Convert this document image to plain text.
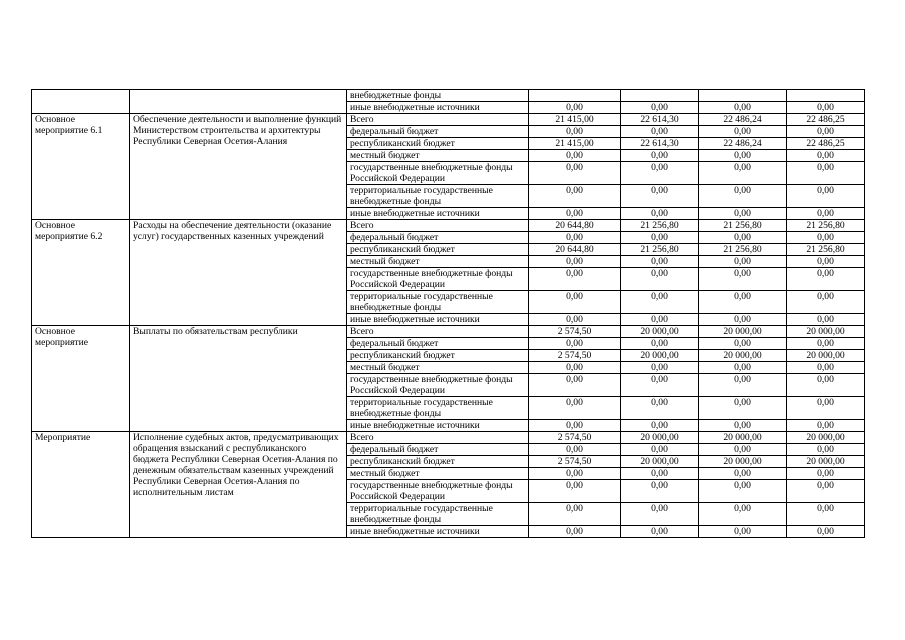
		внебюджетные фонды				
		иные внебюджетные источники	0,00	0,00	0,00	0,00
Основное мероприятие 6.1	Обеспечение деятельности и выполнение функций Министерством строительства и архитектуры Республики Северная Осетия-Алания	Всего	21 415,00	22 614,30	22 486,24	22 486,25
		федеральный бюджет	0,00	0,00	0,00	0,00
		республиканский бюджет	21 415,00	22 614,30	22 486,24	22 486,25
		местный бюджет	0,00	0,00	0,00	0,00
		государственные внебюджетные фонды Российской Федерации	0,00	0,00	0,00	0,00
		территориальные государственные внебюджетные фонды	0,00	0,00	0,00	0,00
		иные внебюджетные источники	0,00	0,00	0,00	0,00
Основное мероприятие 6.2	Расходы на обеспечение деятельности (оказание услуг) государственных казенных учреждений	Всего	20 644,80	21 256,80	21 256,80	21 256,80
		федеральный бюджет	0,00	0,00	0,00	0,00
		республиканский бюджет	20 644,80	21 256,80	21 256,80	21 256,80
		местный бюджет	0,00	0,00	0,00	0,00
		государственные внебюджетные фонды Российской Федерации	0,00	0,00	0,00	0,00
		территориальные государственные внебюджетные фонды	0,00	0,00	0,00	0,00
		иные внебюджетные источники	0,00	0,00	0,00	0,00
Основное мероприятие	Выплаты по обязательствам республики	Всего	2 574,50	20 000,00	20 000,00	20 000,00
		федеральный бюджет	0,00	0,00	0,00	0,00
		республиканский бюджет	2 574,50	20 000,00	20 000,00	20 000,00
		местный бюджет	0,00	0,00	0,00	0,00
		государственные внебюджетные фонды Российской Федерации	0,00	0,00	0,00	0,00
		территориальные государственные внебюджетные фонды	0,00	0,00	0,00	0,00
		иные внебюджетные источники	0,00	0,00	0,00	0,00
Мероприятие	Исполнение судебных актов, предусматривающих обращения взысканий с республиканского бюджета Республики Северная Осетия-Алания по денежным обязательствам казенных учреждений Республики Северная Осетия-Алания по исполнительным листам	Всего	2 574,50	20 000,00	20 000,00	20 000,00
		федеральный бюджет	0,00	0,00	0,00	0,00
		республиканский бюджет	2 574,50	20 000,00	20 000,00	20 000,00
		местный бюджет	0,00	0,00	0,00	0,00
		государственные внебюджетные фонды Российской Федерации	0,00	0,00	0,00	0,00
		территориальные государственные внебюджетные фонды	0,00	0,00	0,00	0,00
		иные внебюджетные источники	0,00	0,00	0,00	0,00
